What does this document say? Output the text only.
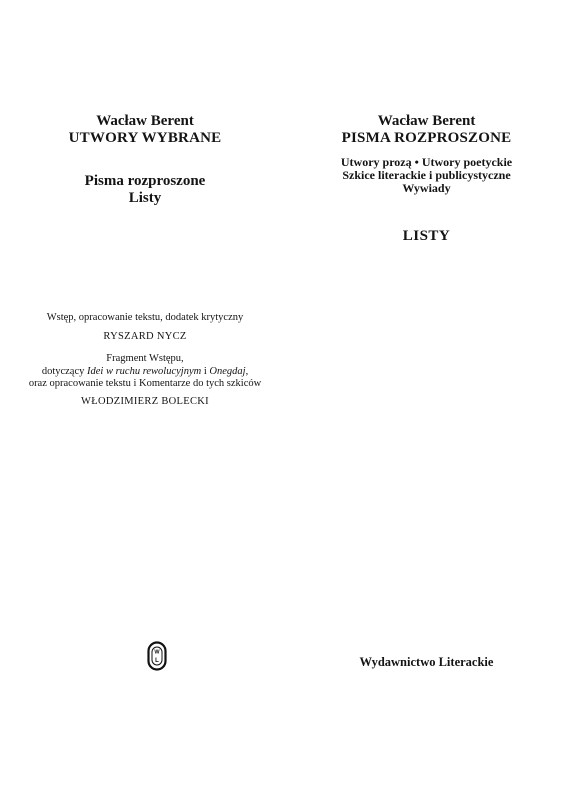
Wacław Berent
UTWORY WYBRANE
Pisma rozproszone
Listy
Wstęp, opracowanie tekstu, dodatek krytyczny
RYSZARD NYCZ
Fragment Wstępu,
dotyczący Idei w ruchu rewolucyjnym i Onegdaj,
oraz opracowanie tekstu i Komentarze do tych szkiców
WŁODZIMIERZ BOLECKI
W
L
Wacław Berent
PISMA ROZPROSZONE
Utwory prozą • Utwory poetyckie
Szkice literackie i publicystyczne
Wywiady
LISTY
Wydawnictwo Literackie
